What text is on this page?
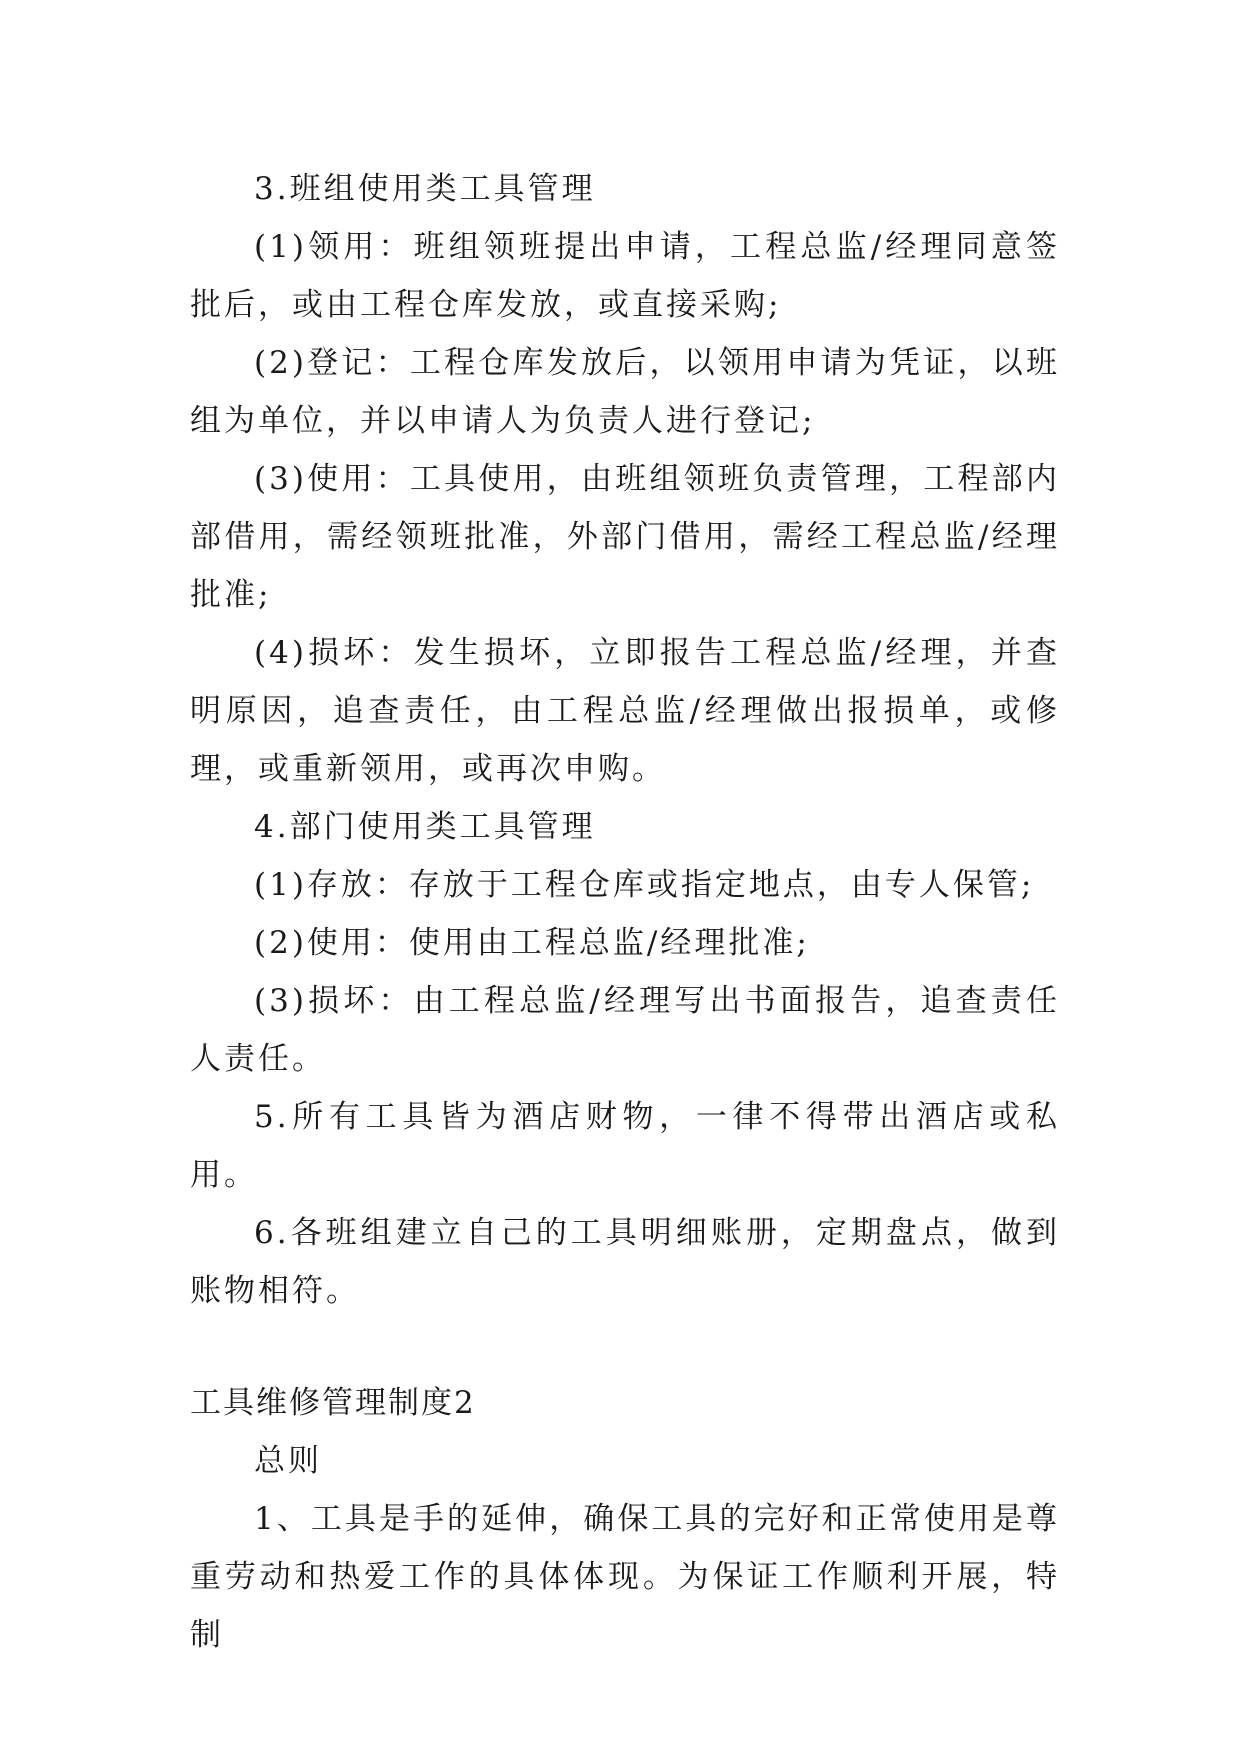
3.班组使用类工具管理

(1)领用：班组领班提出申请，工程总监/经理同意签批后，或由工程仓库发放，或直接采购;

(2)登记：工程仓库发放后，以领用申请为凭证，以班组为单位，并以申请人为负责人进行登记;

(3)使用：工具使用，由班组领班负责管理，工程部内部借用，需经领班批准，外部门借用，需经工程总监/经理批准;

(4)损坏：发生损坏，立即报告工程总监/经理，并查明原因，追查责任，由工程总监/经理做出报损单，或修理，或重新领用，或再次申购。

4.部门使用类工具管理

(1)存放：存放于工程仓库或指定地点，由专人保管;

(2)使用：使用由工程总监/经理批准;

(3)损坏：由工程总监/经理写出书面报告，追查责任人责任。

5.所有工具皆为酒店财物，一律不得带出酒店或私用。

6.各班组建立自己的工具明细账册，定期盘点，做到账物相符。

工具维修管理制度2

总则

1、工具是手的延伸，确保工具的完好和正常使用是尊重劳动和热爱工作的具体体现。为保证工作顺利开展，特制
